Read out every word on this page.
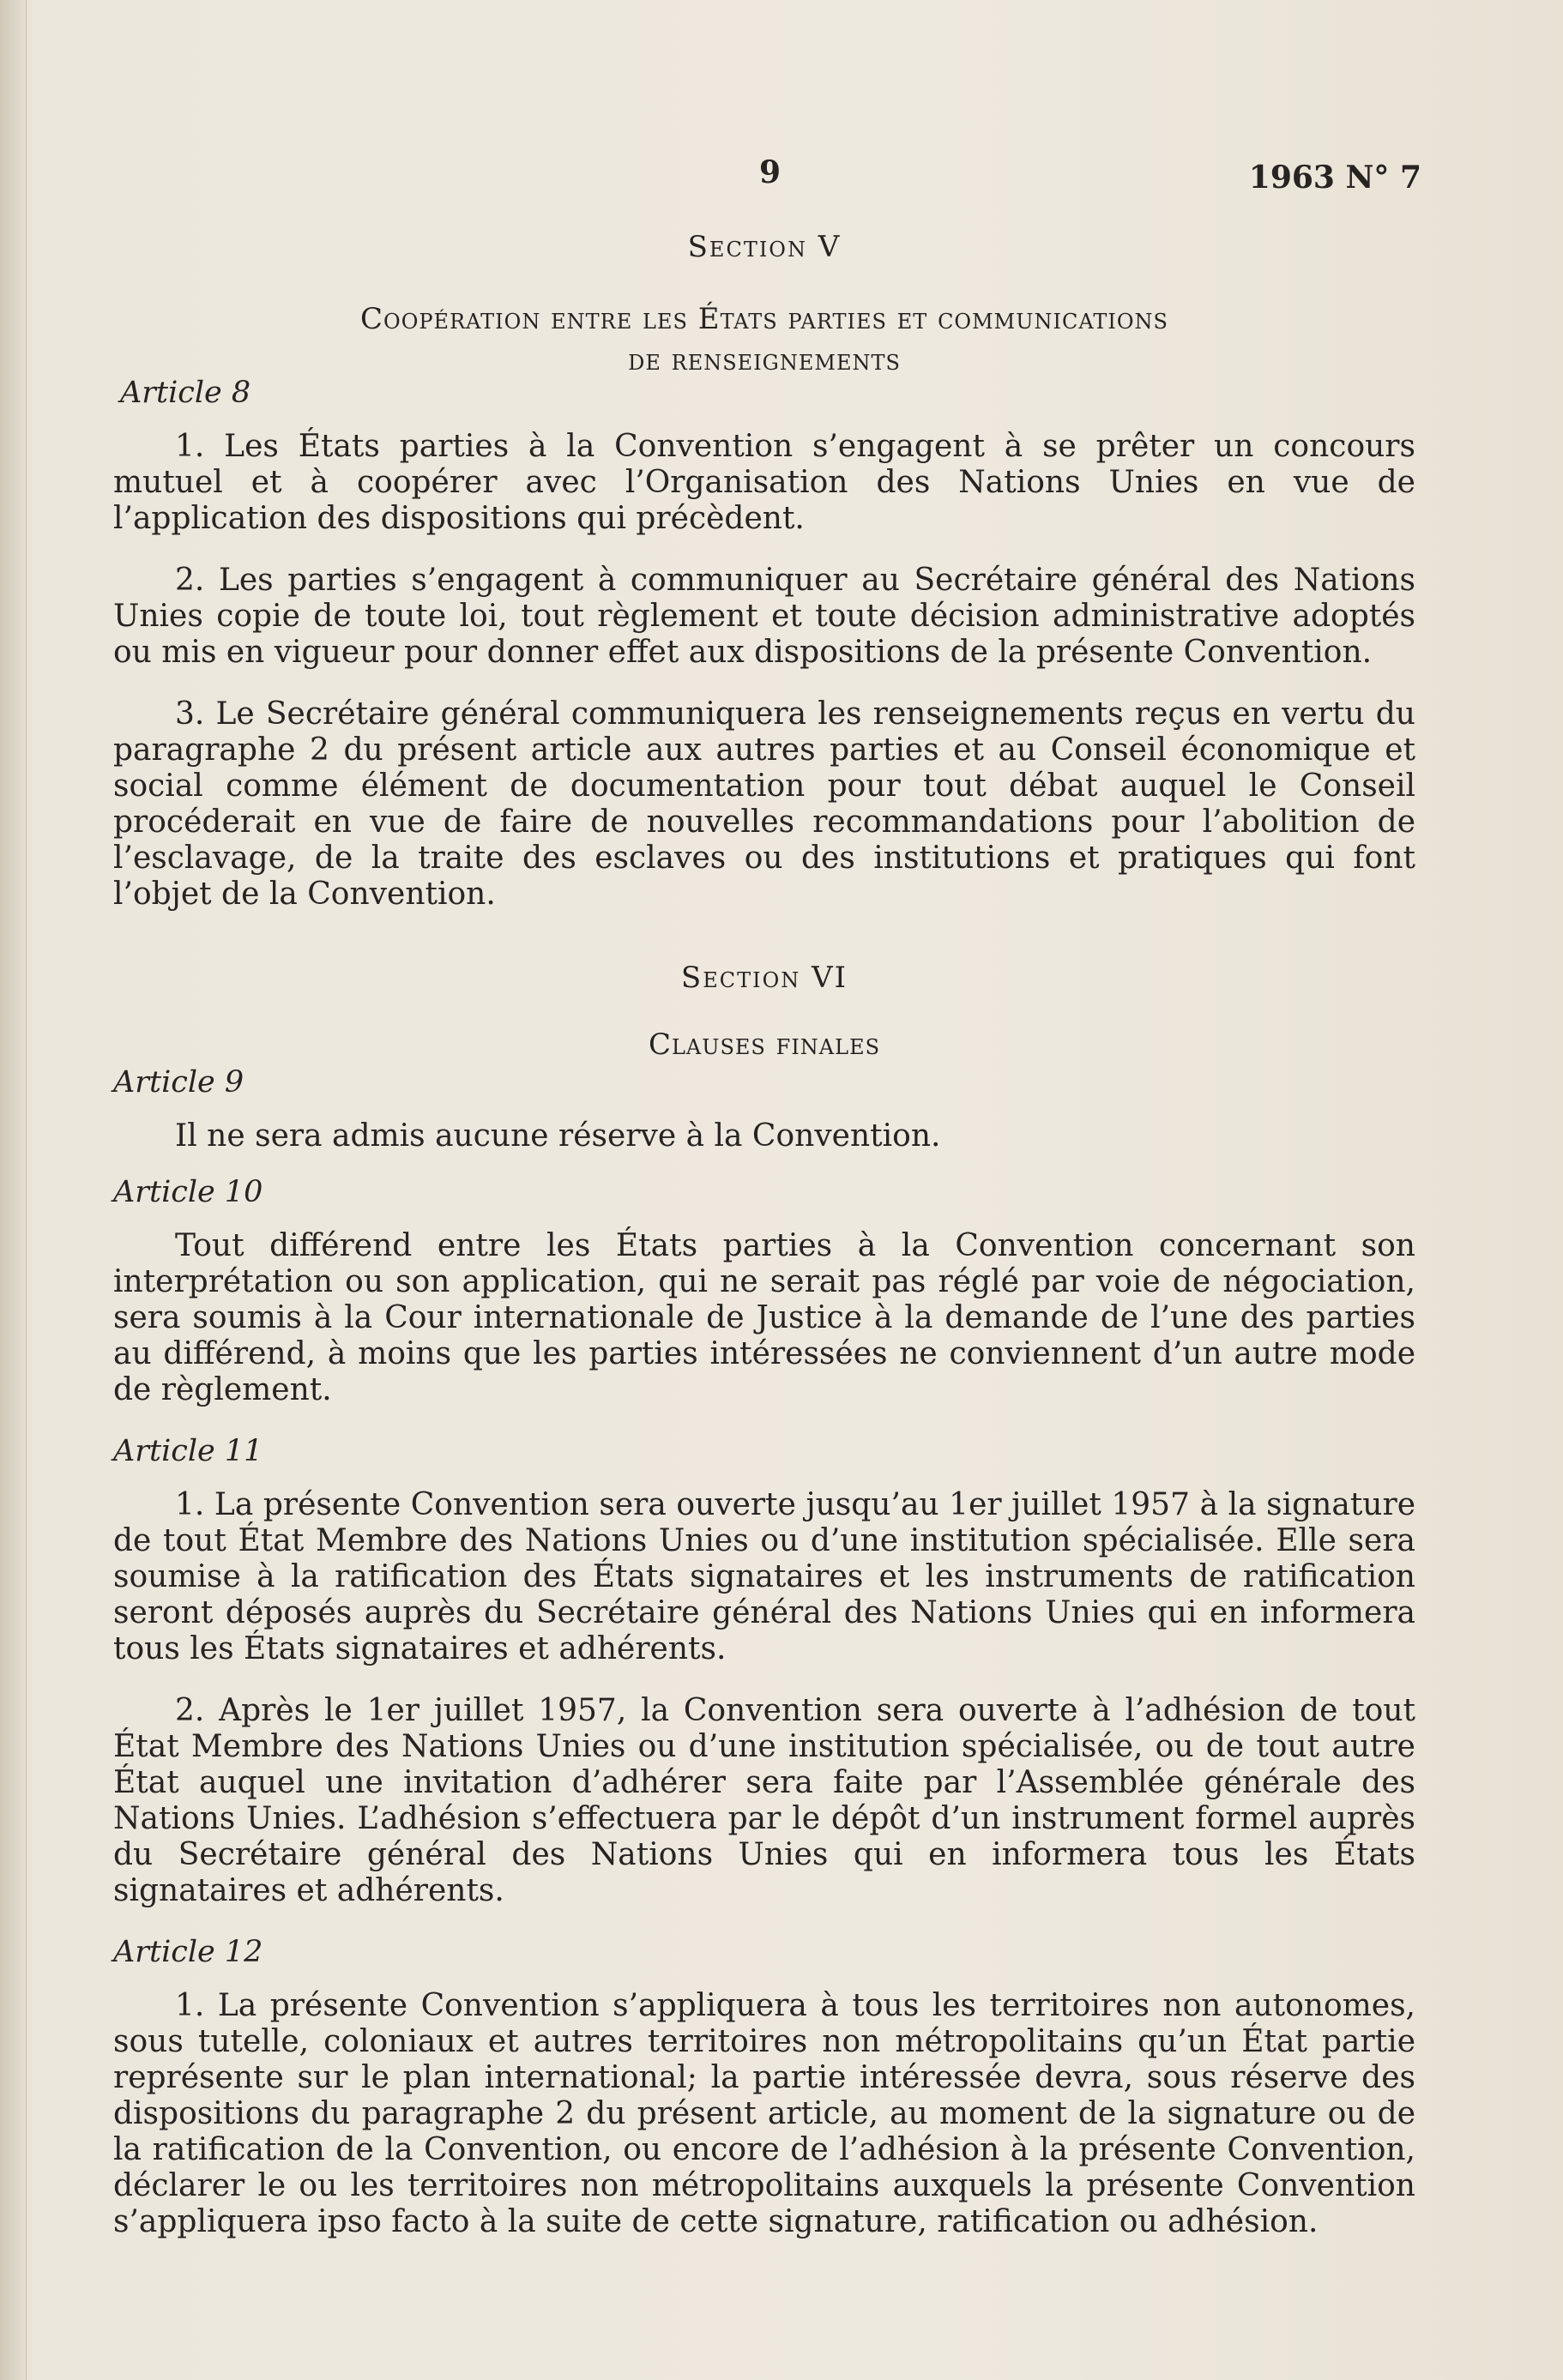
9	1963 N° 7

Section V

Coopération entre les États parties et communications

de renseignements

Article 8

1. Les États parties à la Convention s’engagent à se prêter un concours mutuel et à coopérer avec l’Organisation des Nations Unies en vue de l’application des dispositions qui précèdent.

2. Les parties s’engagent à communiquer au Secrétaire général des Nations Unies copie de toute loi, tout règlement et toute décision administrative adoptés ou mis en vigueur pour donner effet aux dispositions de la présente Convention.

3. Le Secrétaire général communiquera les renseignements reçus en vertu du paragraphe 2 du présent article aux autres parties et au Conseil économique et social comme élément de documentation pour tout débat auquel le Conseil procéderait en vue de faire de nouvelles recommandations pour l’abolition de l’esclavage, de la traite des esclaves ou des institutions et pratiques qui font l’objet de la Convention.

Section VI

Clauses finales

Article 9

Il ne sera admis aucune réserve à la Convention.

Article 10

Tout différend entre les États parties à la Convention concernant son interprétation ou son application, qui ne serait pas réglé par voie de négociation, sera soumis à la Cour internationale de Justice à la demande de l’une des parties au différend, à moins que les parties intéressées ne conviennent d’un autre mode de règlement.

Article 11

1. La présente Convention sera ouverte jusqu’au 1er juillet 1957 à la signature de tout État Membre des Nations Unies ou d’une institution spécialisée. Elle sera soumise à la ratification des États signataires et les instruments de ratification seront déposés auprès du Secrétaire général des Nations Unies qui en informera tous les États signataires et adhérents.

2. Après le 1er juillet 1957, la Convention sera ouverte à l’adhésion de tout État Membre des Nations Unies ou d’une institution spécialisée, ou de tout autre État auquel une invitation d’adhérer sera faite par l’Assemblée générale des Nations Unies. L’adhésion s’effectuera par le dépôt d’un instrument formel auprès du Secrétaire général des Nations Unies qui en informera tous les États signataires et adhérents.

Article 12

1. La présente Convention s’appliquera à tous les territoires non autonomes, sous tutelle, coloniaux et autres territoires non métropolitains qu’un État partie représente sur le plan international; la partie intéressée devra, sous réserve des dispositions du paragraphe 2 du présent article, au moment de la signature ou de la ratification de la Convention, ou encore de l’adhésion à la présente Convention, déclarer le ou les territoires non métropolitains auxquels la présente Convention s’appliquera ipso facto à la suite de cette signature, ratification ou adhésion.
